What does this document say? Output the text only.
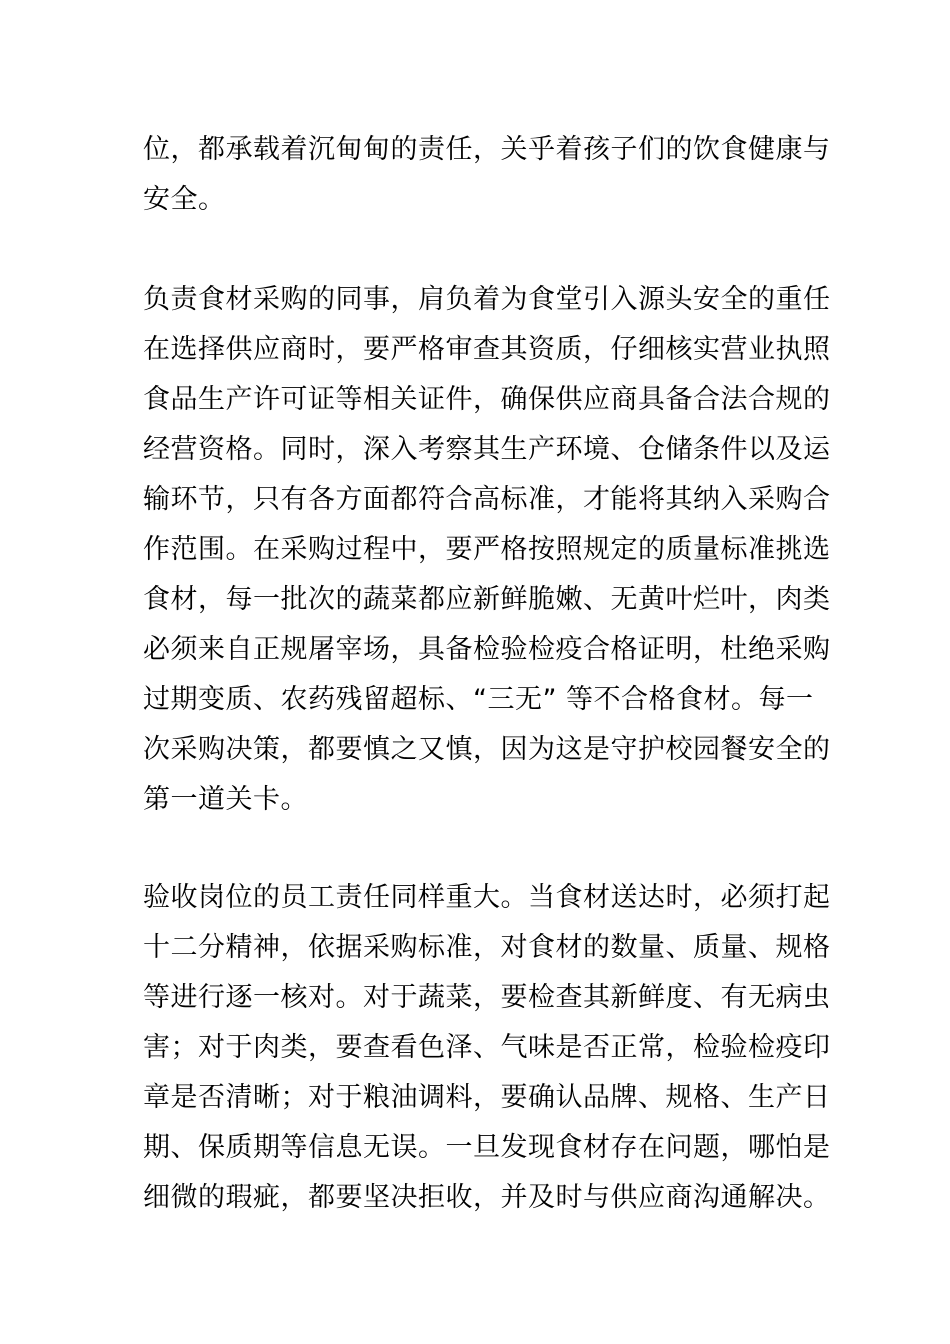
位，都承载着沉甸甸的责任，关乎着孩子们的饮食健康与
安全。
负责食材采购的同事，肩负着为食堂引入源头安全的重任
在选择供应商时，要严格审查其资质，仔细核实营业执照
食品生产许可证等相关证件，确保供应商具备合法合规的
经营资格。同时，深入考察其生产环境、仓储条件以及运
输环节，只有各方面都符合高标准，才能将其纳入采购合
作范围。在采购过程中，要严格按照规定的质量标准挑选
食材，每一批次的蔬菜都应新鲜脆嫩、无黄叶烂叶，肉类
必须来自正规屠宰场，具备检验检疫合格证明，杜绝采购
过期变质、农药残留超标、“三无” 等不合格食材。每一
次采购决策，都要慎之又慎，因为这是守护校园餐安全的
第一道关卡。
验收岗位的员工责任同样重大。当食材送达时，必须打起
十二分精神，依据采购标准，对食材的数量、质量、规格
等进行逐一核对。对于蔬菜，要检查其新鲜度、有无病虫
害；对于肉类，要查看色泽、气味是否正常，检验检疫印
章是否清晰；对于粮油调料，要确认品牌、规格、生产日
期、保质期等信息无误。一旦发现食材存在问题，哪怕是
细微的瑕疵，都要坚决拒收，并及时与供应商沟通解决。
